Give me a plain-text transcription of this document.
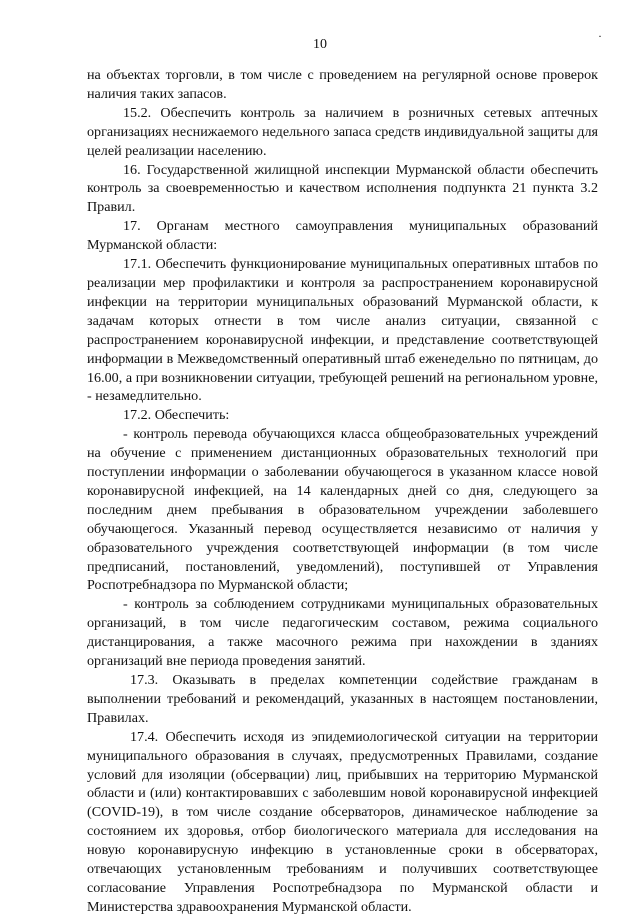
10
·

на объектах торговли, в том числе с проведением на регулярной основе проверок наличия таких запасов.

15.2. Обеспечить контроль за наличием в розничных сетевых аптечных организациях неснижаемого недельного запаса средств индивидуальной защиты для целей реализации населению.

16. Государственной жилищной инспекции Мурманской области обеспечить контроль за своевременностью и качеством исполнения подпункта 21 пункта 3.2 Правил.

17. Органам местного самоуправления муниципальных образований Мурманской области:

17.1. Обеспечить функционирование муниципальных оперативных штабов по реализации мер профилактики и контроля за распространением коронавирусной инфекции на территории муниципальных образований Мурманской области, к задачам которых отнести в том числе анализ ситуации, связанной с распространением коронавирусной инфекции, и представление соответствующей информации в Межведомственный оперативный штаб еженедельно по пятницам, до 16.00, а при возникновении ситуации, требующей решений на региональном уровне, - незамедлительно.

17.2. Обеспечить:

- контроль перевода обучающихся класса общеобразовательных учреждений на обучение с применением дистанционных образовательных технологий при поступлении информации о заболевании обучающегося в указанном классе новой коронавирусной инфекцией, на 14 календарных дней со дня, следующего за последним днем пребывания в образовательном учреждении заболевшего обучающегося. Указанный перевод осуществляется независимо от наличия у образовательного учреждения соответствующей информации (в том числе предписаний, постановлений, уведомлений), поступившей от Управления Роспотребнадзора по Мурманской области;

- контроль за соблюдением сотрудниками муниципальных образовательных организаций, в том числе педагогическим составом, режима социального дистанцирования, а также масочного режима при нахождении в зданиях организаций вне периода проведения занятий.

17.3. Оказывать в пределах компетенции содействие гражданам в выполнении требований и рекомендаций, указанных в настоящем постановлении, Правилах.

17.4. Обеспечить исходя из эпидемиологической ситуации на территории муниципального образования в случаях, предусмотренных Правилами, создание условий для изоляции (обсервации) лиц, прибывших на территорию Мурманской области и (или) контактировавших с заболевшим новой коронавирусной инфекцией (COVID-19), в том числе создание обсерваторов, динамическое наблюдение за состоянием их здоровья, отбор биологического материала для исследования на новую коронавирусную инфекцию в установленные сроки в обсерваторах, отвечающих установленным требованиям и получивших соответствующее согласование Управления Роспотребнадзора по Мурманской области и Министерства здравоохранения Мурманской области.
